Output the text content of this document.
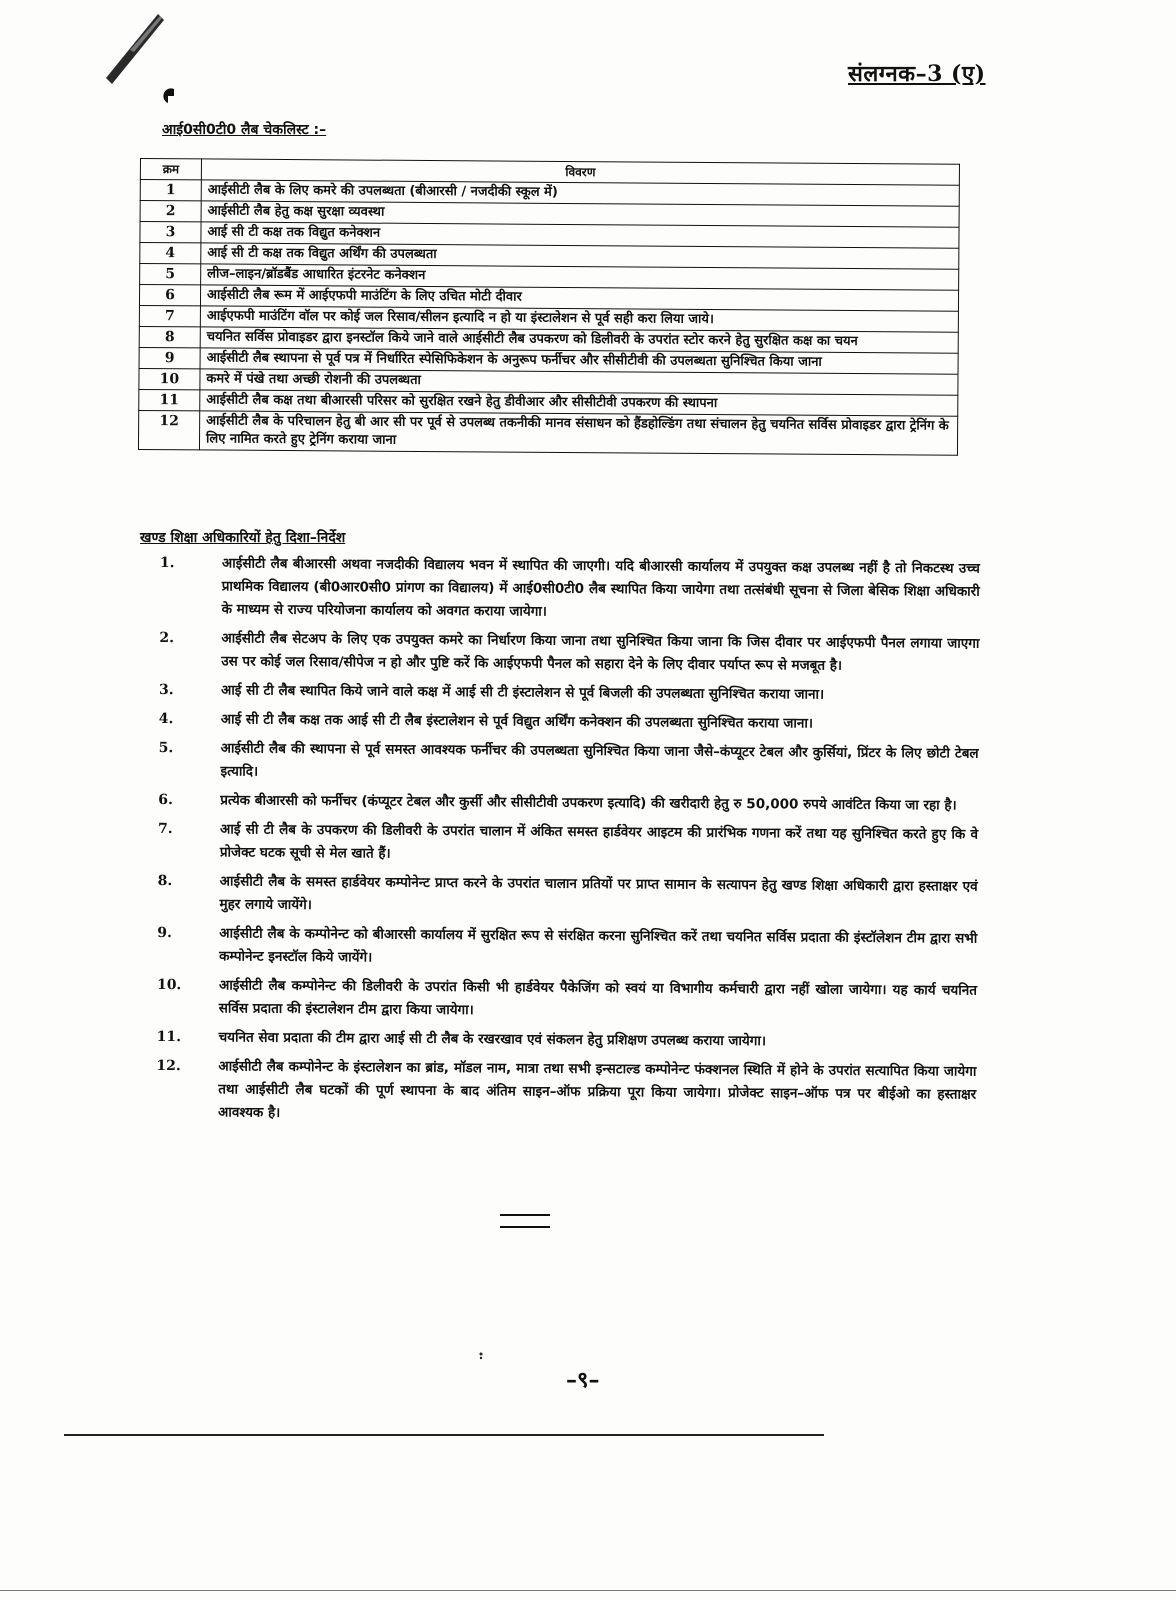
संलग्नक–3 (ए)
आई0सी0टी0 लैब चेकलिस्ट :–
क्रम	विवरण
1	आईसीटी लैब के लिए कमरे की उपलब्धता (बीआरसी / नजदीकी स्कूल में)
2	आईसीटी लैब हेतु कक्ष सुरक्षा व्यवस्था
3	आई सी टी कक्ष तक विद्युत कनेक्शन
4	आई सी टी कक्ष तक विद्युत अर्थिंग की उपलब्धता
5	लीज–लाइन/ब्रॉडबैंड आधारित इंटरनेट कनेक्शन
6	आईसीटी लैब रूम में आईएफपी माउंटिंग के लिए उचित मोटी दीवार
7	आईएफपी माउंटिंग वॉल पर कोई जल रिसाव/सीलन इत्यादि न हो या इंस्टालेशन से पूर्व सही करा लिया जाये।
8	चयनित सर्विस प्रोवाइडर द्वारा इनस्टॉल किये जाने वाले आईसीटी लैब उपकरण को डिलीवरी के उपरांत स्टोर करने हेतु सुरक्षित कक्ष का चयन
9	आईसीटी लैब स्थापना से पूर्व पत्र में निर्धारित स्पेसिफिकेशन के अनुरूप फर्नीचर और सीसीटीवी की उपलब्धता सुनिश्चित किया जाना
10	कमरे में पंखे तथा अच्छी रोशनी की उपलब्धता
11	आईसीटी लैब कक्ष तथा बीआरसी परिसर को सुरक्षित रखने हेतु डीवीआर और सीसीटीवी उपकरण की स्थापना
12	आईसीटी लैब के परिचालन हेतु बी आर सी पर पूर्व से उपलब्ध तकनीकी मानव संसाधन को हैंडहोल्डिंग तथा संचालन हेतु चयनित सर्विस प्रोवाइडर द्वारा ट्रेनिंग के लिए नामित करते हुए ट्रेनिंग कराया जाना
खण्ड शिक्षा अधिकारियों हेतु दिशा–निर्देश
1.	आईसीटी लैब बीआरसी अथवा नजदीकी विद्यालय भवन में स्थापित की जाएगी। यदि बीआरसी कार्यालय में उपयुक्त कक्ष उपलब्ध नहीं है तो निकटस्थ उच्च प्राथमिक विद्यालय (बी0आर0सी0 प्रांगण का विद्यालय) में आई0सी0टी0 लैब स्थापित किया जायेगा तथा तत्संबंधी सूचना से जिला बेसिक शिक्षा अधिकारी के माध्यम से राज्य परियोजना कार्यालय को अवगत कराया जायेगा।
2.	आईसीटी लैब सेटअप के लिए एक उपयुक्त कमरे का निर्धारण किया जाना तथा सुनिश्चित किया जाना कि जिस दीवार पर आईएफपी पैनल लगाया जाएगा उस पर कोई जल रिसाव/सीपेज न हो और पुष्टि करें कि आईएफपी पैनल को सहारा देने के लिए दीवार पर्याप्त रूप से मजबूत है।
3.	आई सी टी लैब स्थापित किये जाने वाले कक्ष में आई सी टी इंस्टालेशन से पूर्व बिजली की उपलब्धता सुनिश्चित कराया जाना।
4.	आई सी टी लैब कक्ष तक आई सी टी लैब इंस्टालेशन से पूर्व विद्युत अर्थिंग कनेक्शन की उपलब्धता सुनिश्चित कराया जाना।
5.	आईसीटी लैब की स्थापना से पूर्व समस्त आवश्यक फर्नीचर की उपलब्धता सुनिश्चित किया जाना जैसे–कंप्यूटर टेबल और कुर्सियां, प्रिंटर के लिए छोटी टेबल इत्यादि।
6.	प्रत्येक बीआरसी को फर्नीचर (कंप्यूटर टेबल और कुर्सी और सीसीटीवी उपकरण इत्यादि) की खरीदारी हेतु रु 50,000 रुपये आवंटित किया जा रहा है।
7.	आई सी टी लैब के उपकरण की डिलीवरी के उपरांत चालान में अंकित समस्त हार्डवेयर आइटम की प्रारंभिक गणना करें तथा यह सुनिश्चित करते हुए कि वे प्रोजेक्ट घटक सूची से मेल खाते हैं।
8.	आईसीटी लैब के समस्त हार्डवेयर कम्पोनेन्ट प्राप्त करने के उपरांत चालान प्रतियों पर प्राप्त सामान के सत्यापन हेतु खण्ड शिक्षा अधिकारी द्वारा हस्ताक्षर एवं मुहर लगाये जायेंगे।
9.	आईसीटी लैब के कम्पोनेन्ट को बीआरसी कार्यालय में सुरक्षित रूप से संरक्षित करना सुनिश्चित करें तथा चयनित सर्विस प्रदाता की इंस्टॉलेशन टीम द्वारा सभी कम्पोनेन्ट इनस्टॉल किये जायेंगे।
10.	आईसीटी लैब कम्पोनेन्ट की डिलीवरी के उपरांत किसी भी हार्डवेयर पैकेजिंग को स्वयं या विभागीय कर्मचारी द्वारा नहीं खोला जायेगा। यह कार्य चयनित सर्विस प्रदाता की इंस्टालेशन टीम द्वारा किया जायेगा।
11.	चयनित सेवा प्रदाता की टीम द्वारा आई सी टी लैब के रखरखाव एवं संकलन हेतु प्रशिक्षण उपलब्ध कराया जायेगा।
12.	आईसीटी लैब कम्पोनेन्ट के इंस्टालेशन का ब्रांड, मॉडल नाम, मात्रा तथा सभी इन्सटाल्ड कम्पोनेन्ट फंक्शनल स्थिति में होने के उपरांत सत्यापित किया जायेगा तथा आईसीटी लैब घटकों की पूर्ण स्थापना के बाद अंतिम साइन–ऑफ प्रक्रिया पूरा किया जायेगा। प्रोजेक्ट साइन–ऑफ पत्र पर बीईओ का हस्ताक्षर आवश्यक है।
–९–
